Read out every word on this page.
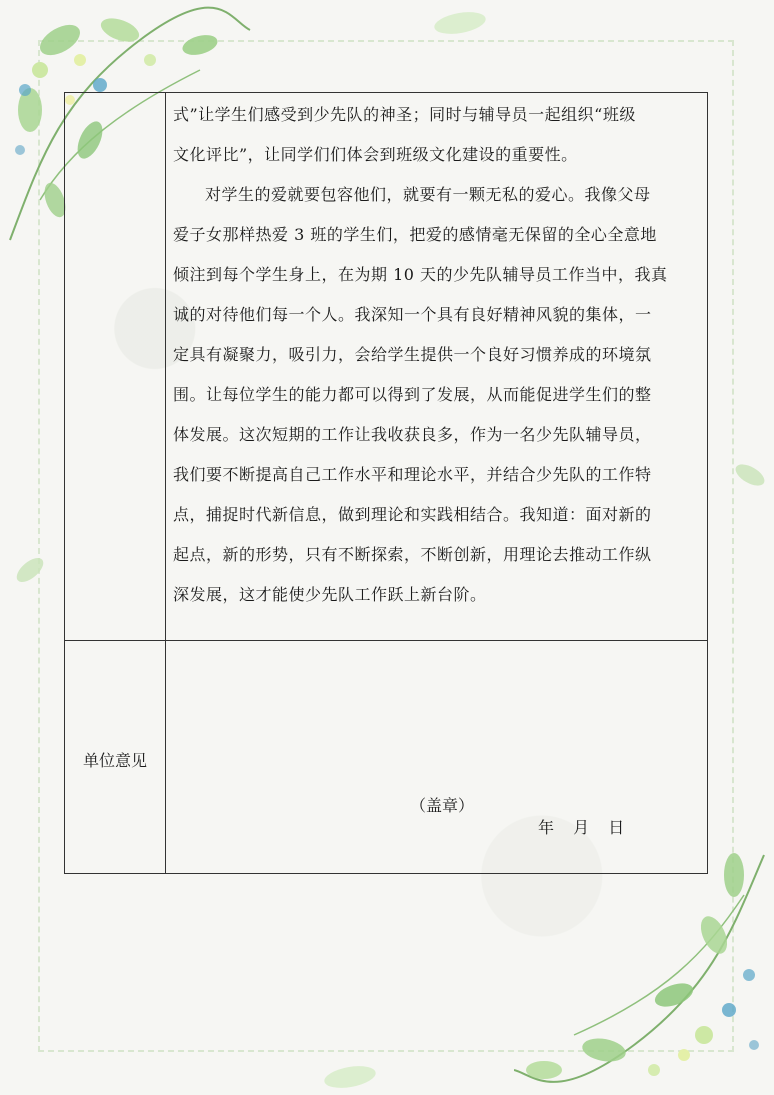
式”让学生们感受到少先队的神圣；同时与辅导员一起组织“班级
文化评比”，让同学们们体会到班级文化建设的重要性。

对学生的爱就要包容他们，就要有一颗无私的爱心。我像父母
爱子女那样热爱 3 班的学生们，把爱的感情毫无保留的全心全意地
倾注到每个学生身上，在为期 10 天的少先队辅导员工作当中，我真
诚的对待他们每一个人。我深知一个具有良好精神风貌的集体，一
定具有凝聚力，吸引力，会给学生提供一个良好习惯养成的环境氛
围。让每位学生的能力都可以得到了发展，从而能促进学生们的整
体发展。这次短期的工作让我收获良多，作为一名少先队辅导员，
我们要不断提高自己工作水平和理论水平，并结合少先队的工作特
点，捕捉时代新信息，做到理论和实践相结合。我知道：面对新的
起点，新的形势，只有不断探索，不断创新，用理论去推动工作纵
深发展，这才能使少先队工作跃上新台阶。

单位意见
（盖章）
年 月 日
